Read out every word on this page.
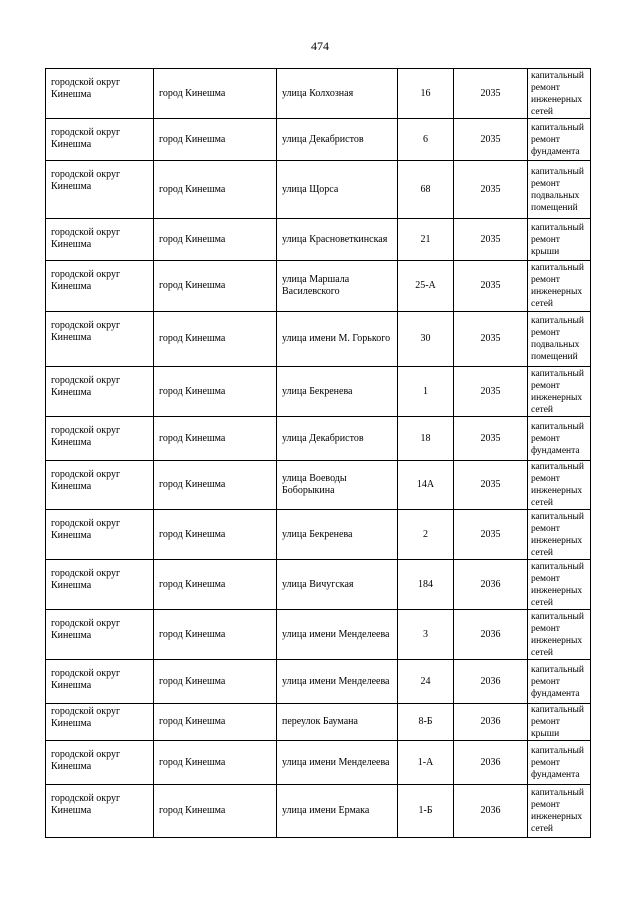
474
городской округ Кинешма	город Кинешма	улица Колхозная	16	2035	капитальный ремонт инженерных сетей
городской округ Кинешма	город Кинешма	улица Декабристов	6	2035	капитальный ремонт фундамента
городской округ Кинешма	город Кинешма	улица Щорса	68	2035	капитальный ремонт подвальных помещений
городской округ Кинешма	город Кинешма	улица Красноветкинская	21	2035	капитальный ремонт крыши
городской округ Кинешма	город Кинешма	улица Маршала Василевского	25-А	2035	капитальный ремонт инженерных сетей
городской округ Кинешма	город Кинешма	улица имени М. Горького	30	2035	капитальный ремонт подвальных помещений
городской округ Кинешма	город Кинешма	улица Бекренева	1	2035	капитальный ремонт инженерных сетей
городской округ Кинешма	город Кинешма	улица Декабристов	18	2035	капитальный ремонт фундамента
городской округ Кинешма	город Кинешма	улица Воеводы Боборыкина	14А	2035	капитальный ремонт инженерных сетей
городской округ Кинешма	город Кинешма	улица Бекренева	2	2035	капитальный ремонт инженерных сетей
городской округ Кинешма	город Кинешма	улица Вичугская	184	2036	капитальный ремонт инженерных сетей
городской округ Кинешма	город Кинешма	улица имени Менделеева	3	2036	капитальный ремонт инженерных сетей
городской округ Кинешма	город Кинешма	улица имени Менделеева	24	2036	капитальный ремонт фундамента
городской округ Кинешма	город Кинешма	переулок Баумана	8-Б	2036	капитальный ремонт крыши
городской округ Кинешма	город Кинешма	улица имени Менделеева	1-А	2036	капитальный ремонт фундамента
городской округ Кинешма	город Кинешма	улица имени Ермака	1-Б	2036	капитальный ремонт инженерных сетей
